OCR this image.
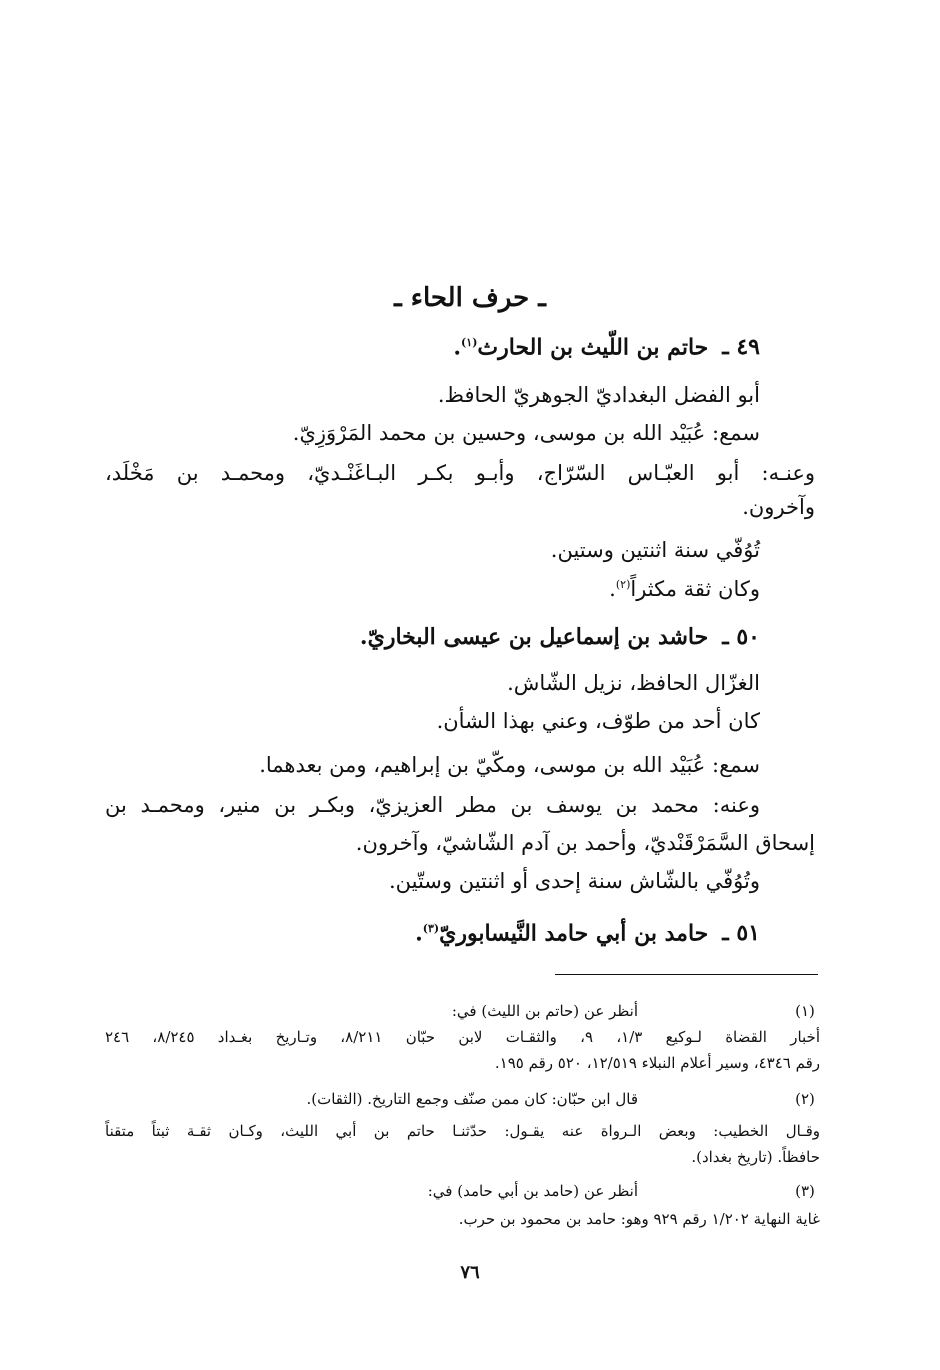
ـ حرف الحاء ـ
٤٩ ـحاتم بن اللّيث بن الحارث$^{(١)}$.
أبو الفضل البغداديّ الجوهريّ الحافظ.
سمع: عُبَيْد الله بن موسى، وحسين بن محمد المَرْوَزِيّ.
وعنـه: أبو العبّـاس السّرّاج، وأبـو بكـر البـاغَنْـديّ، ومحمـد بن مَخْلَد،
وآخرون.
تُوُفّي سنة اثنتين وستين.
وكان ثقة مكثراً$^{(٢)}$.
٥٠ ـحاشد بن إسماعيل بن عيسى البخاريّ.
الغزّال الحافظ، نزيل الشّاش.
كان أحد من طوّف، وعني بهذا الشأن.
سمع: عُبَيْد الله بن موسى، ومكّيّ بن إبراهيم، ومن بعدهما.
وعنه: محمد بن يوسف بن مطر العزيزيّ، وبكـر بن منير، ومحمـد بن
إسحاق السَّمَرْقَنْديّ، وأحمد بن آدم الشّاشيّ، وآخرون.
وتُوُفّي بالشّاش سنة إحدى أو اثنتين وستّين.
٥١ ـحامد بن أبي حامد النَّيسابوريّ$^{(٣)}$.
(١)
أنظر عن (حاتم بن الليث) في:
أخبار القضاة لـوكيع ١/٣، ٩، والثقـات لابن حبّان ٨/٢١١، وتـاريخ بغـداد ٨/٢٤٥، ٢٤٦
رقم ٤٣٤٦، وسير أعلام النبلاء ١٢/٥١٩، ٥٢٠ رقم ١٩٥.
(٢)
قال ابن حبّان: كان ممن صنّف وجمع التاريخ. (الثقات).
وقـال الخطيب: وبعض الـرواة عنه يقـول: حدّثنـا حاتم بن أبي الليث، وكـان ثقـة ثبتاً متقناً
حافظاً. (تاريخ بغداد).
(٣)
أنظر عن (حامد بن أبي حامد) في:
غاية النهاية ١/٢٠٢ رقم ٩٢٩ وهو: حامد بن محمود بن حرب.
٧٦
